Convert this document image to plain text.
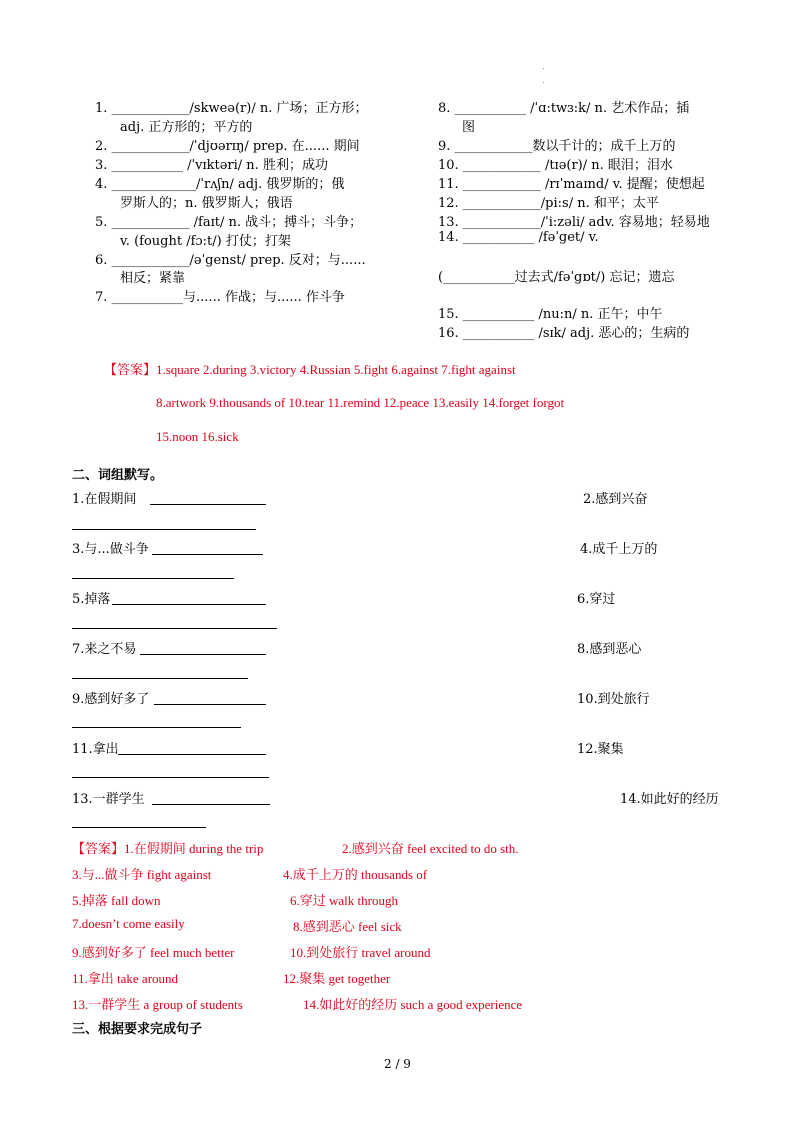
1. ____________/skweə(r)/ n. 广场；正方形；
adj. 正方形的；平方的
2. ____________/ˈdjʊərɪŋ/ prep. 在...... 期间
3. ___________ /ˈvɪktəri/ n. 胜利；成功
4. _____________/ˈrʌʃn/ adj. 俄罗斯的；俄
罗斯人的；n. 俄罗斯人；俄语
5. ____________ /faɪt/ n. 战斗；搏斗；斗争；
v. (fought /fɔ:t/) 打仗；打架
6. ____________/əˈgenst/ prep. 反对；与......
相反；紧靠
7. ___________与...... 作战；与...... 作斗争
8. ___________ /ˈɑ:twɜ:k/ n. 艺术作品；插
图
9. ____________数以千计的；成千上万的
10. ____________ /tɪə(r)/ n. 眼泪；泪水
11. ____________ /rɪˈmaɪnd/ v. 提醒；使想起
12. ____________/pi:s/ n. 和平；太平
13. ____________/ˈi:zəli/ adv. 容易地；轻易地
14. ___________ /fəˈget/ v.
(___________过去式/fəˈgɒt/) 忘记；遗忘
15. ___________ /nu:n/ n. 正午；中午
16. ___________ /sɪk/ adj. 恶心的；生病的
【答案】1.square 2.during 3.victory 4.Russian 5.fight 6.against 7.fight against
8.artwork 9.thousands of 10.tear 11.remind 12.peace 13.easily 14.forget forgot
15.noon 16.sick
二、词组默写。
1.在假期间	2.感到兴奋
3.与...做斗争	4.成千上万的
5.掉落	6.穿过
7.来之不易	8.感到恶心
9.感到好多了	10.到处旅行
11.拿出	12.聚集
13.一群学生	14.如此好的经历
【答案】1.在假期间 during the trip	2.感到兴奋 feel excited to do sth.
3.与...做斗争 fight against	4.成千上万的 thousands of
5.掉落 fall down	6.穿过 walk through
7.doesn’t come easily	8.感到恶心 feel sick
9.感到好多了 feel much better	10.到处旅行 travel around
11.拿出 take around	12.聚集 get together
13.一群学生 a group of students	14.如此好的经历 such a good experience
三、根据要求完成句子
2 / 9
